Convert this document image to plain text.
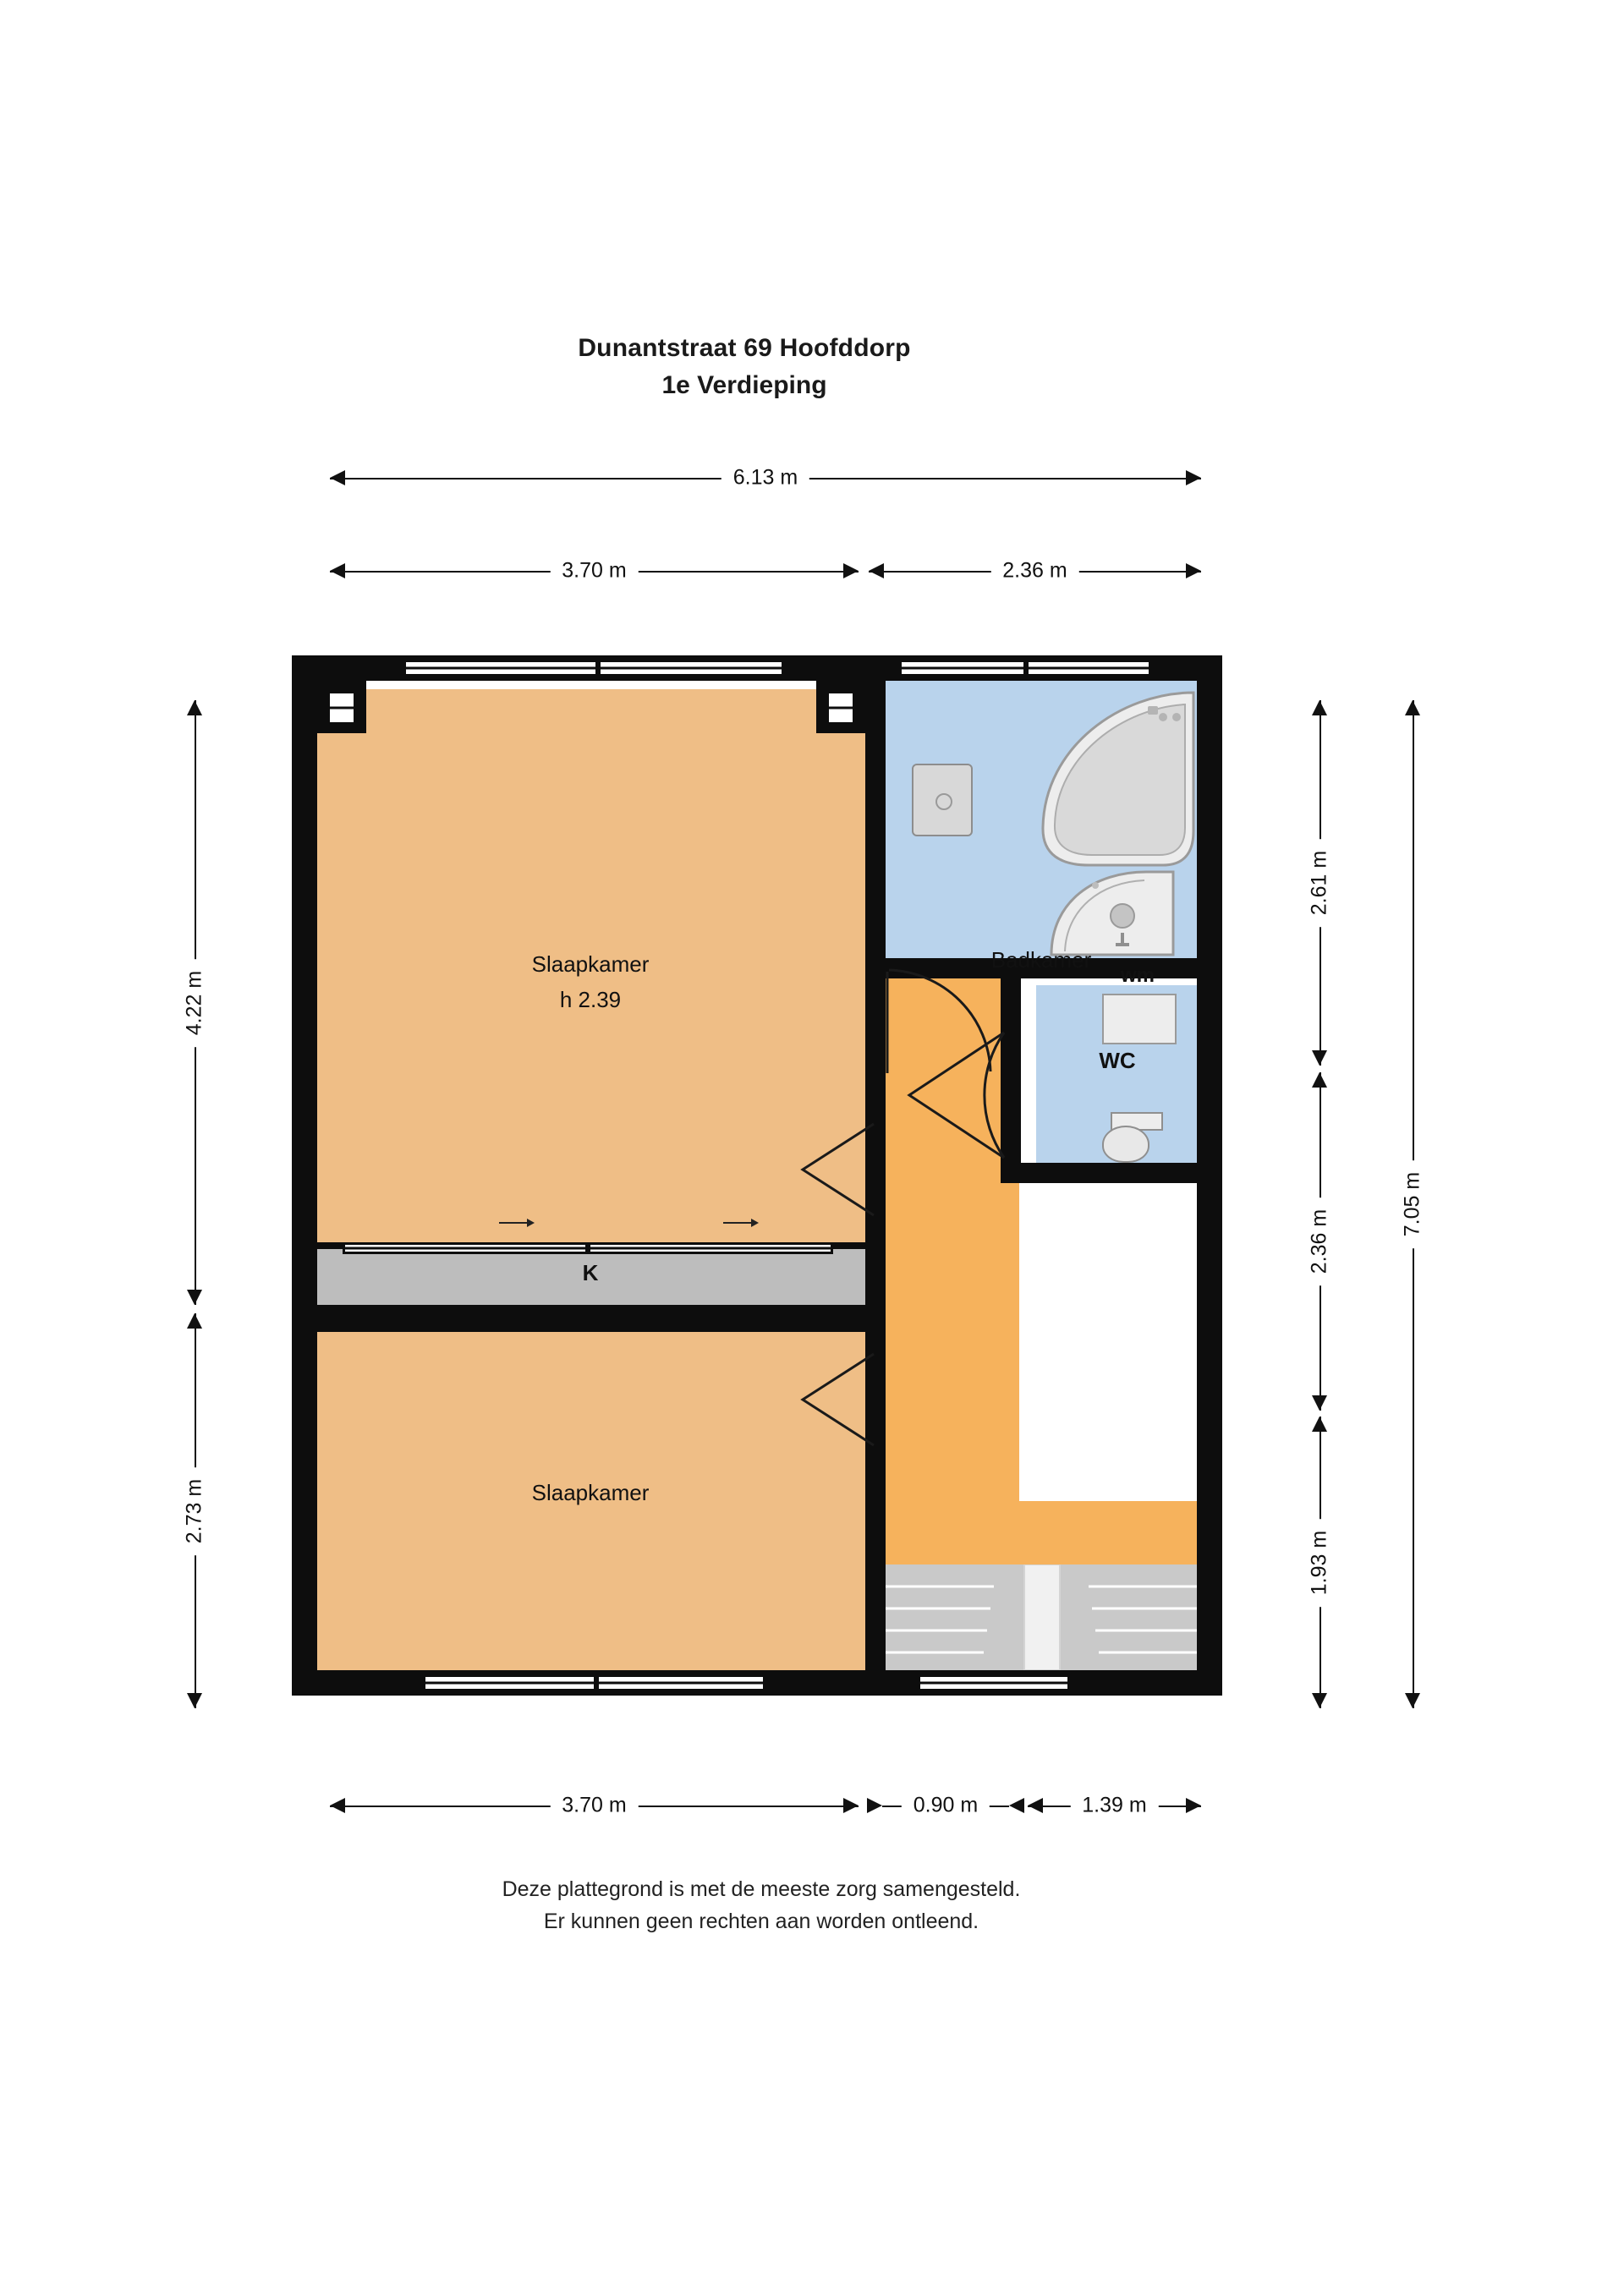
Dunantstraat 69 Hoofddorp
1e Verdieping
6.13 m
3.70 m	2.36 m
4.22 m
2.73 m
2.61 m
2.36 m
1.93 m
7.05 m
3.70 m	0.90 m	1.39 m
Slaapkamer
h 2.39
Slaapkamer
Badkamer
WC
K
wm
Deze plattegrond is met de meeste zorg samengesteld.
Er kunnen geen rechten aan worden ontleend.
